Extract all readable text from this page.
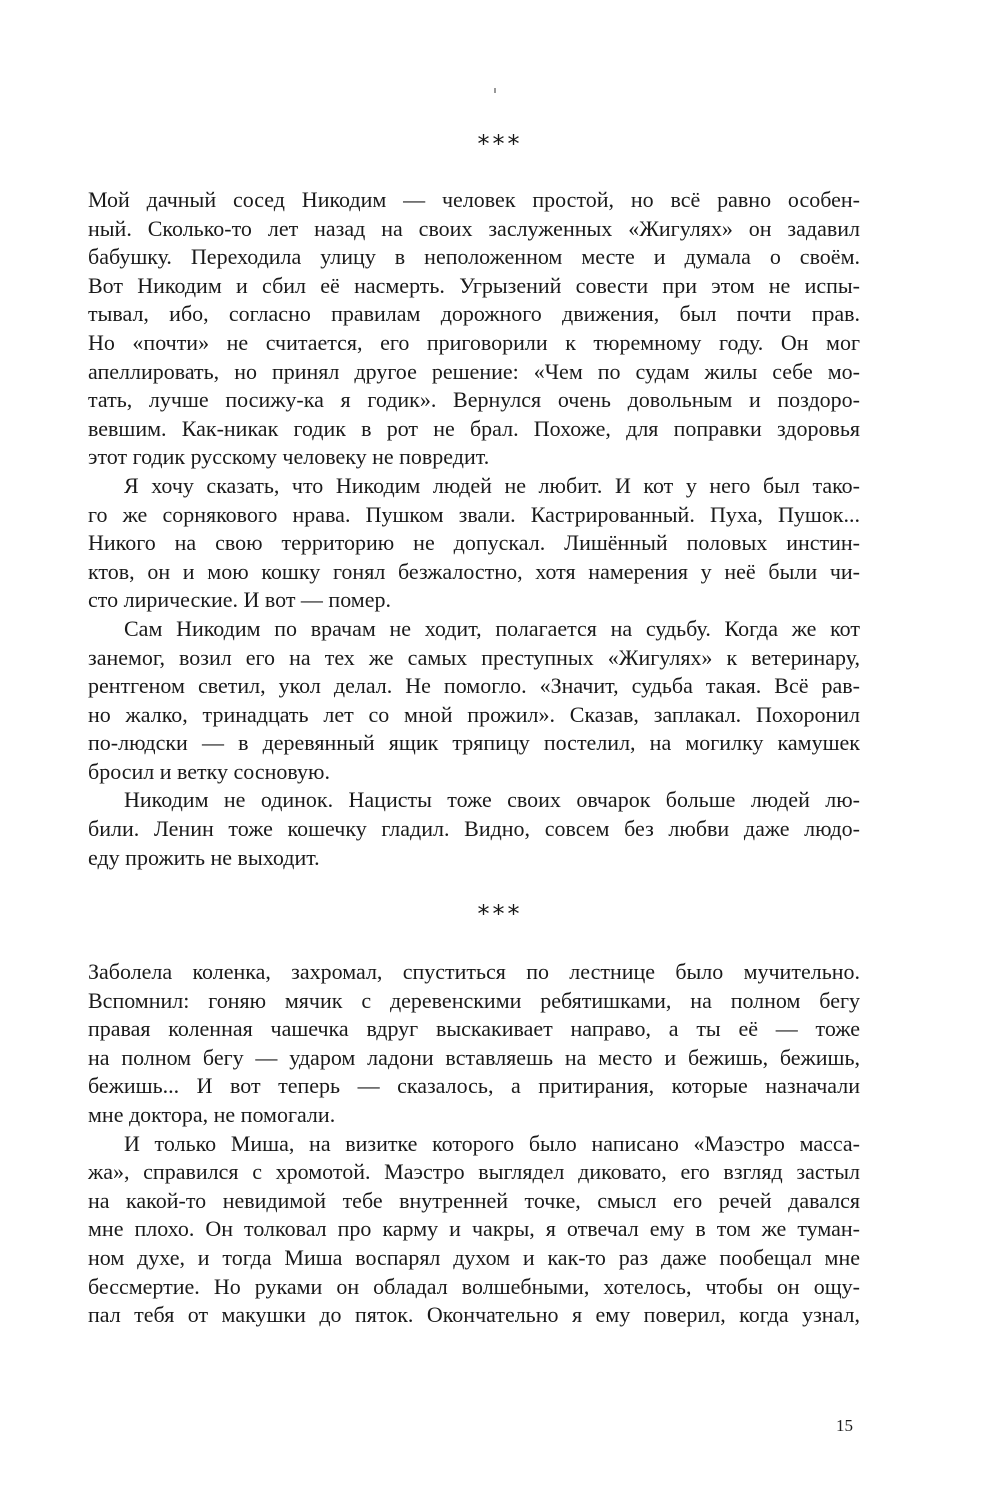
***
Мой дачный сосед Никодим — человек простой, но всё равно особен-
ный. Сколько-то лет назад на своих заслуженных «Жигулях» он задавил
бабушку. Переходила улицу в неположенном месте и думала о своём.
Вот Никодим и сбил её насмерть. Угрызений совести при этом не испы-
тывал, ибо, согласно правилам дорожного движения, был почти прав.
Но «почти» не считается, его приговорили к тюремному году. Он мог
апеллировать, но принял другое решение: «Чем по судам жилы себе мо-
тать, лучше посижу-ка я годик». Вернулся очень довольным и поздоро-
вевшим. Как-никак годик в рот не брал. Похоже, для поправки здоровья
этот годик русскому человеку не повредит.
Я хочу сказать, что Никодим людей не любит. И кот у него был тако-
го же сорнякового нрава. Пушком звали. Кастрированный. Пуха, Пушок...
Никого на свою территорию не допускал. Лишённый половых инстин-
ктов, он и мою кошку гонял безжалостно, хотя намерения у неё были чи-
сто лирические. И вот — помер.
Сам Никодим по врачам не ходит, полагается на судьбу. Когда же кот
занемог, возил его на тех же самых преступных «Жигулях» к ветеринару,
рентгеном светил, укол делал. Не помогло. «Значит, судьба такая. Всё рав-
но жалко, тринадцать лет со мной прожил». Сказав, заплакал. Похоронил
по-людски — в деревянный ящик тряпицу постелил, на могилку камушек
бросил и ветку сосновую.
Никодим не одинок. Нацисты тоже своих овчарок больше людей лю-
били. Ленин тоже кошечку гладил. Видно, совсем без любви даже людо-
еду прожить не выходит.
***
Заболела коленка, захромал, спуститься по лестнице было мучительно.
Вспомнил: гоняю мячик с деревенскими ребятишками, на полном бегу
правая коленная чашечка вдруг выскакивает направо, а ты её — тоже
на полном бегу — ударом ладони вставляешь на место и бежишь, бежишь,
бежишь... И вот теперь — сказалось, а притирания, которые назначали
мне доктора, не помогали.
И только Миша, на визитке которого было написано «Маэстро масса-
жа», справился с хромотой. Маэстро выглядел диковато, его взгляд застыл
на какой-то невидимой тебе внутренней точке, смысл его речей давался
мне плохо. Он толковал про карму и чакры, я отвечал ему в том же туман-
ном духе, и тогда Миша воспарял духом и как-то раз даже пообещал мне
бессмертие. Но руками он обладал волшебными, хотелось, чтобы он ощу-
пал тебя от макушки до пяток. Окончательно я ему поверил, когда узнал,
15
